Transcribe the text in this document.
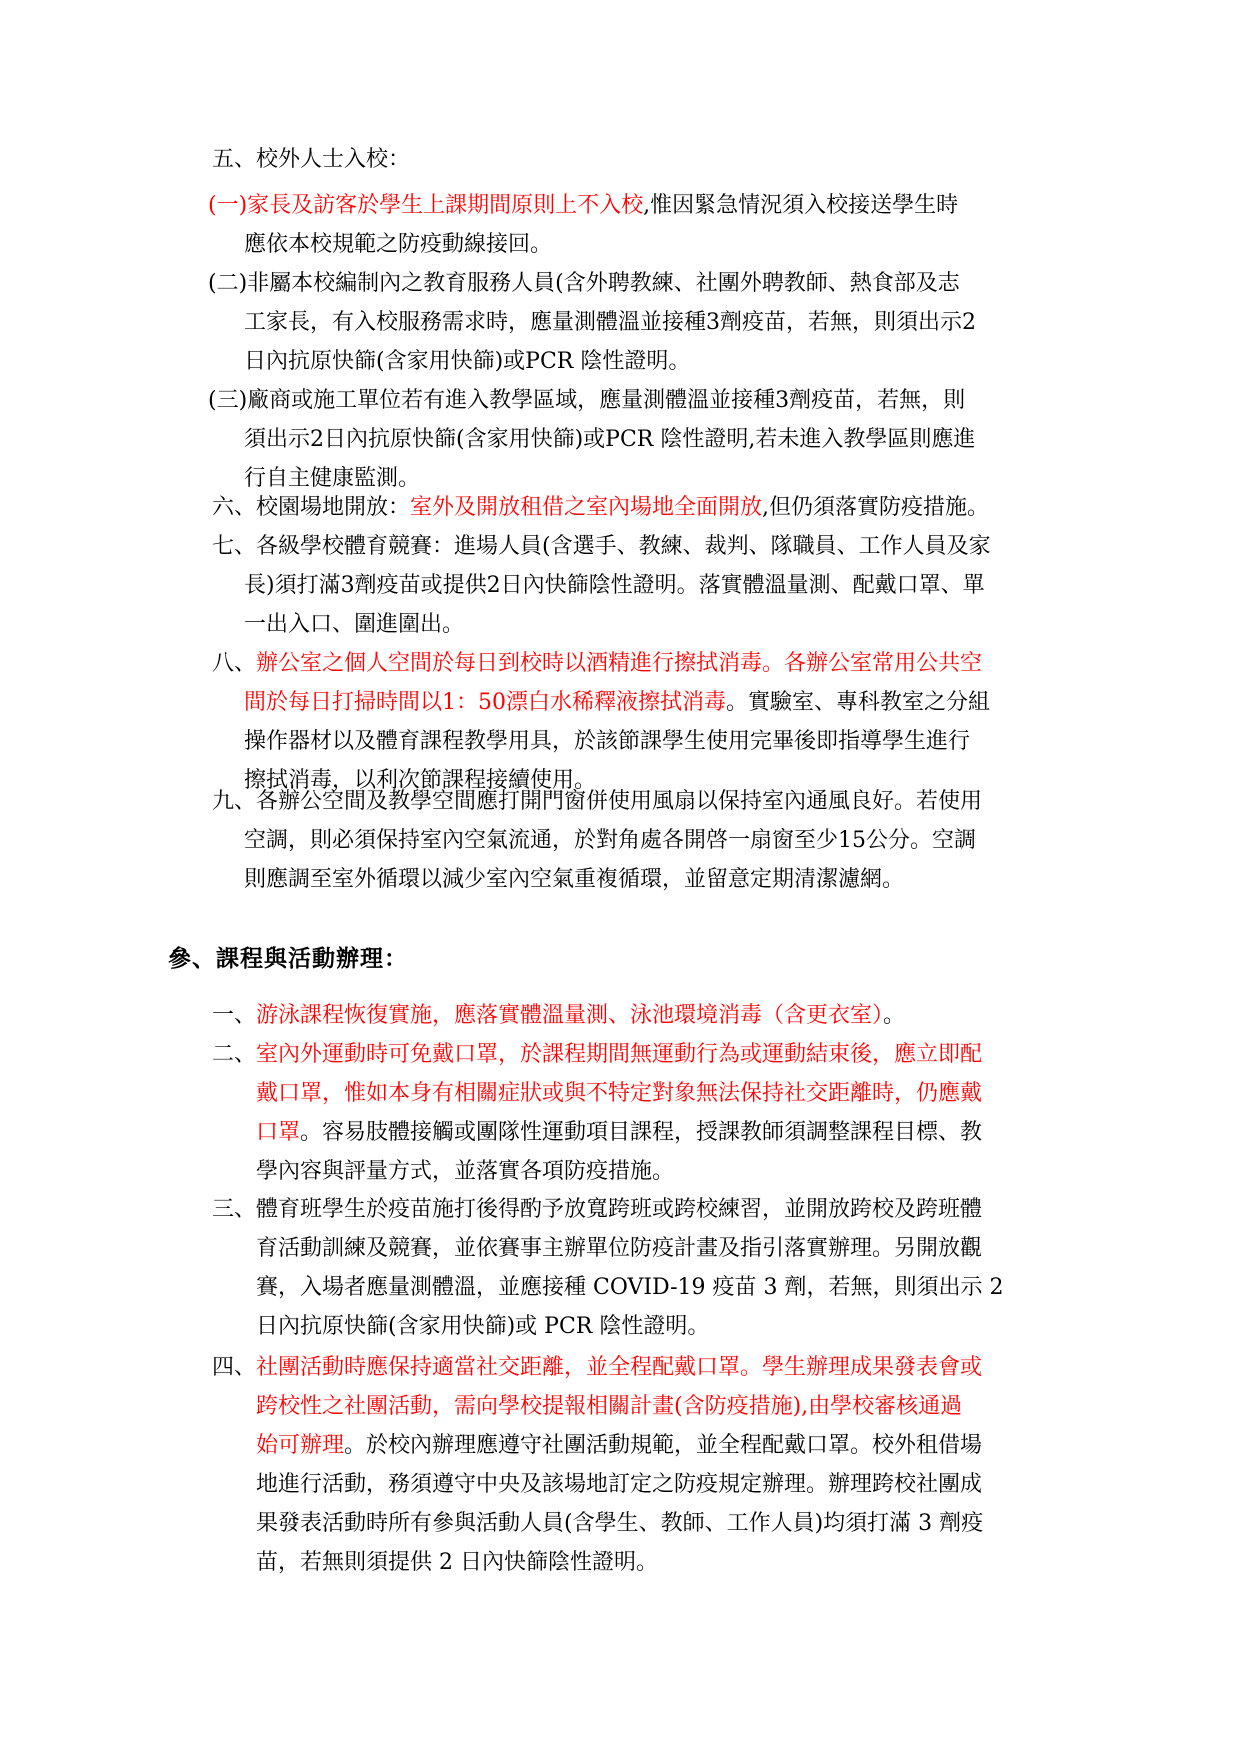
五、校外人士入校：
(一)家長及訪客於學生上課期間原則上不入校,惟因緊急情況須入校接送學生時
應依本校規範之防疫動線接回。
(二)非屬本校編制內之教育服務人員(含外聘教練、社團外聘教師、熱食部及志
工家長，有入校服務需求時，應量測體溫並接種3劑疫苗，若無，則須出示2
日內抗原快篩(含家用快篩)或PCR 陰性證明。
(三)廠商或施工單位若有進入教學區域，應量測體溫並接種3劑疫苗，若無，則
須出示2日內抗原快篩(含家用快篩)或PCR 陰性證明,若未進入教學區則應進
行自主健康監測。
六、校園場地開放：室外及開放租借之室內場地全面開放,但仍須落實防疫措施。
七、各級學校體育競賽：進場人員(含選手、教練、裁判、隊職員、工作人員及家
長)須打滿3劑疫苗或提供2日內快篩陰性證明。落實體溫量測、配戴口罩、單
一出入口、圍進圍出。
八、辦公室之個人空間於每日到校時以酒精進行擦拭消毒。各辦公室常用公共空
間於每日打掃時間以1：50漂白水稀釋液擦拭消毒。實驗室、專科教室之分組
操作器材以及體育課程教學用具，於該節課學生使用完畢後即指導學生進行
擦拭消毒，以利次節課程接續使用。
九、各辦公空間及教學空間應打開門窗併使用風扇以保持室內通風良好。若使用
空調，則必須保持室內空氣流通，於對角處各開啓一扇窗至少15公分。空調
則應調至室外循環以減少室內空氣重複循環，並留意定期清潔濾網。
參、課程與活動辦理：
一、游泳課程恢復實施，應落實體溫量測、泳池環境消毒（含更衣室）。
二、室內外運動時可免戴口罩，於課程期間無運動行為或運動結束後，應立即配
戴口罩，惟如本身有相關症狀或與不特定對象無法保持社交距離時，仍應戴
口罩。容易肢體接觸或團隊性運動項目課程，授課教師須調整課程目標、教
學內容與評量方式，並落實各項防疫措施。
三、體育班學生於疫苗施打後得酌予放寬跨班或跨校練習，並開放跨校及跨班體
育活動訓練及競賽，並依賽事主辦單位防疫計畫及指引落實辦理。另開放觀
賽，入場者應量測體溫，並應接種 COVID-19 疫苗 3 劑，若無，則須出示 2
日內抗原快篩(含家用快篩)或 PCR 陰性證明。
四、社團活動時應保持適當社交距離，並全程配戴口罩。學生辦理成果發表會或
跨校性之社團活動，需向學校提報相關計畫(含防疫措施),由學校審核通過
始可辦理。於校內辦理應遵守社團活動規範，並全程配戴口罩。校外租借場
地進行活動，務須遵守中央及該場地訂定之防疫規定辦理。辦理跨校社團成
果發表活動時所有參與活動人員(含學生、教師、工作人員)均須打滿 3 劑疫
苗，若無則須提供 2 日內快篩陰性證明。
